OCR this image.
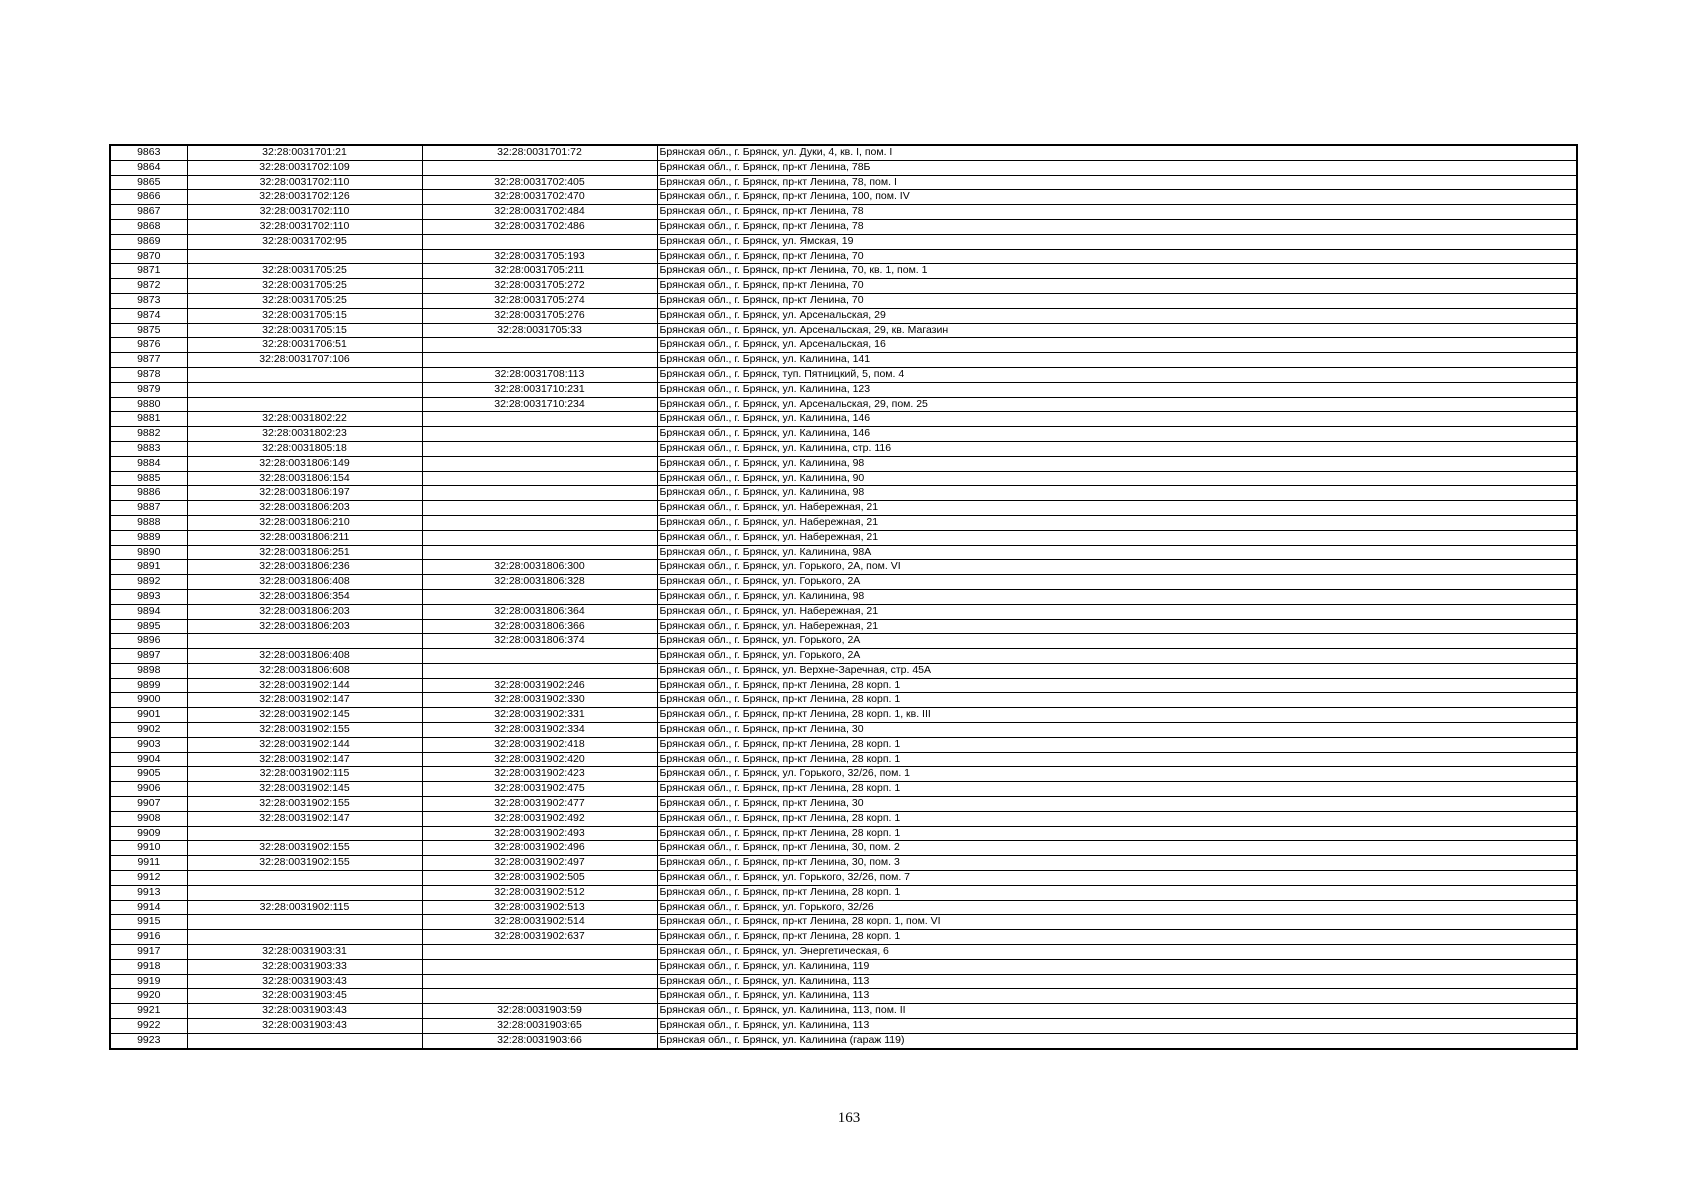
9863	32:28:0031701:21	32:28:0031701:72	Брянская обл., г. Брянск, ул. Дуки, 4, кв. I, пом. I
9864	32:28:0031702:109		Брянская обл., г. Брянск, пр-кт Ленина, 78Б
9865	32:28:0031702:110	32:28:0031702:405	Брянская обл., г. Брянск, пр-кт Ленина, 78, пом. I
9866	32:28:0031702:126	32:28:0031702:470	Брянская обл., г. Брянск, пр-кт Ленина, 100, пом. IV
9867	32:28:0031702:110	32:28:0031702:484	Брянская обл., г. Брянск, пр-кт Ленина, 78
9868	32:28:0031702:110	32:28:0031702:486	Брянская обл., г. Брянск, пр-кт Ленина, 78
9869	32:28:0031702:95		Брянская обл., г. Брянск, ул. Ямская, 19
9870		32:28:0031705:193	Брянская обл., г. Брянск, пр-кт Ленина, 70
9871	32:28:0031705:25	32:28:0031705:211	Брянская обл., г. Брянск, пр-кт Ленина, 70, кв. 1, пом. 1
9872	32:28:0031705:25	32:28:0031705:272	Брянская обл., г. Брянск, пр-кт Ленина, 70
9873	32:28:0031705:25	32:28:0031705:274	Брянская обл., г. Брянск, пр-кт Ленина, 70
9874	32:28:0031705:15	32:28:0031705:276	Брянская обл., г. Брянск, ул. Арсенальская, 29
9875	32:28:0031705:15	32:28:0031705:33	Брянская обл., г. Брянск, ул. Арсенальская, 29, кв. Магазин
9876	32:28:0031706:51		Брянская обл., г. Брянск, ул. Арсенальская, 16
9877	32:28:0031707:106		Брянская обл., г. Брянск, ул. Калинина, 141
9878		32:28:0031708:113	Брянская обл., г. Брянск, туп. Пятницкий, 5, пом. 4
9879		32:28:0031710:231	Брянская обл., г. Брянск, ул. Калинина, 123
9880		32:28:0031710:234	Брянская обл., г. Брянск, ул. Арсенальская, 29, пом. 25
9881	32:28:0031802:22		Брянская обл., г. Брянск, ул. Калинина, 146
9882	32:28:0031802:23		Брянская обл., г. Брянск, ул. Калинина, 146
9883	32:28:0031805:18		Брянская обл., г. Брянск, ул. Калинина, стр. 116
9884	32:28:0031806:149		Брянская обл., г. Брянск, ул. Калинина, 98
9885	32:28:0031806:154		Брянская обл., г. Брянск, ул. Калинина, 90
9886	32:28:0031806:197		Брянская обл., г. Брянск, ул. Калинина, 98
9887	32:28:0031806:203		Брянская обл., г. Брянск, ул. Набережная, 21
9888	32:28:0031806:210		Брянская обл., г. Брянск, ул. Набережная, 21
9889	32:28:0031806:211		Брянская обл., г. Брянск, ул. Набережная, 21
9890	32:28:0031806:251		Брянская обл., г. Брянск, ул. Калинина, 98А
9891	32:28:0031806:236	32:28:0031806:300	Брянская обл., г. Брянск, ул. Горького, 2А, пом. VI
9892	32:28:0031806:408	32:28:0031806:328	Брянская обл., г. Брянск, ул. Горького, 2А
9893	32:28:0031806:354		Брянская обл., г. Брянск, ул. Калинина, 98
9894	32:28:0031806:203	32:28:0031806:364	Брянская обл., г. Брянск, ул. Набережная, 21
9895	32:28:0031806:203	32:28:0031806:366	Брянская обл., г. Брянск, ул. Набережная, 21
9896		32:28:0031806:374	Брянская обл., г. Брянск, ул. Горького, 2А
9897	32:28:0031806:408		Брянская обл., г. Брянск, ул. Горького, 2А
9898	32:28:0031806:608		Брянская обл., г. Брянск, ул. Верхне-Заречная, стр. 45А
9899	32:28:0031902:144	32:28:0031902:246	Брянская обл., г. Брянск, пр-кт Ленина, 28 корп. 1
9900	32:28:0031902:147	32:28:0031902:330	Брянская обл., г. Брянск, пр-кт Ленина, 28 корп. 1
9901	32:28:0031902:145	32:28:0031902:331	Брянская обл., г. Брянск, пр-кт Ленина, 28 корп. 1, кв. III
9902	32:28:0031902:155	32:28:0031902:334	Брянская обл., г. Брянск, пр-кт Ленина, 30
9903	32:28:0031902:144	32:28:0031902:418	Брянская обл., г. Брянск, пр-кт Ленина, 28 корп. 1
9904	32:28:0031902:147	32:28:0031902:420	Брянская обл., г. Брянск, пр-кт Ленина, 28 корп. 1
9905	32:28:0031902:115	32:28:0031902:423	Брянская обл., г. Брянск, ул. Горького, 32/26, пом. 1
9906	32:28:0031902:145	32:28:0031902:475	Брянская обл., г. Брянск, пр-кт Ленина, 28 корп. 1
9907	32:28:0031902:155	32:28:0031902:477	Брянская обл., г. Брянск, пр-кт Ленина, 30
9908	32:28:0031902:147	32:28:0031902:492	Брянская обл., г. Брянск, пр-кт Ленина, 28 корп. 1
9909		32:28:0031902:493	Брянская обл., г. Брянск, пр-кт Ленина, 28 корп. 1
9910	32:28:0031902:155	32:28:0031902:496	Брянская обл., г. Брянск, пр-кт Ленина, 30, пом. 2
9911	32:28:0031902:155	32:28:0031902:497	Брянская обл., г. Брянск, пр-кт Ленина, 30, пом. 3
9912		32:28:0031902:505	Брянская обл., г. Брянск, ул. Горького, 32/26, пом. 7
9913		32:28:0031902:512	Брянская обл., г. Брянск, пр-кт Ленина, 28 корп. 1
9914	32:28:0031902:115	32:28:0031902:513	Брянская обл., г. Брянск, ул. Горького, 32/26
9915		32:28:0031902:514	Брянская обл., г. Брянск, пр-кт Ленина, 28 корп. 1, пом. VI
9916		32:28:0031902:637	Брянская обл., г. Брянск, пр-кт Ленина, 28 корп. 1
9917	32:28:0031903:31		Брянская обл., г. Брянск, ул. Энергетическая, 6
9918	32:28:0031903:33		Брянская обл., г. Брянск, ул. Калинина, 119
9919	32:28:0031903:43		Брянская обл., г. Брянск, ул. Калинина, 113
9920	32:28:0031903:45		Брянская обл., г. Брянск, ул. Калинина, 113
9921	32:28:0031903:43	32:28:0031903:59	Брянская обл., г. Брянск, ул. Калинина, 113, пом. II
9922	32:28:0031903:43	32:28:0031903:65	Брянская обл., г. Брянск, ул. Калинина, 113
9923		32:28:0031903:66	Брянская обл., г. Брянск, ул. Калинина (гараж 119)
163
